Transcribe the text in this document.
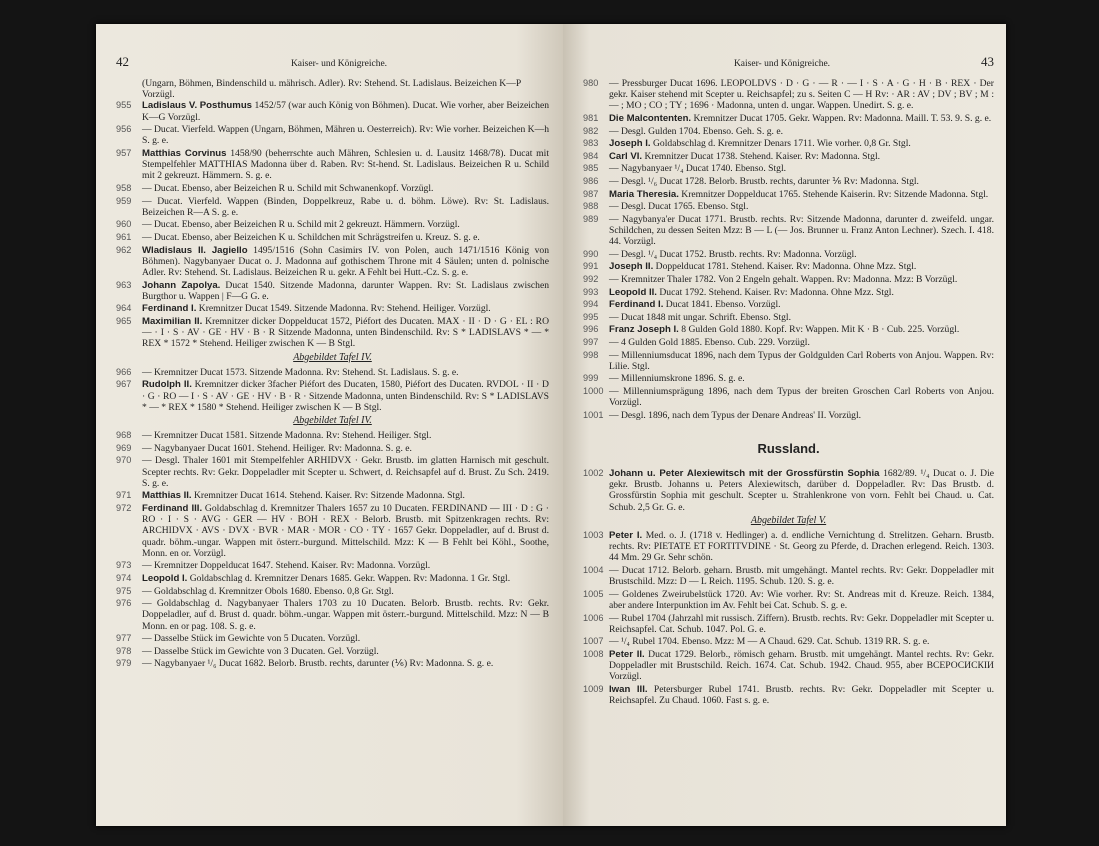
42	Kaiser- und Königreiche.
(Ungarn, Böhmen, Bindenschild u. mährisch. Adler). Rv: Stehend. St. Ladislaus. Beizeichen K—P Vorzügl.
955	Ladislaus V. Posthumus 1452/57 (war auch König von Böhmen). Ducat. Wie vorher, aber Beizeichen K—G Vorzügl.
956	— Ducat. Vierfeld. Wappen (Ungarn, Böhmen, Mähren u. Oesterreich). Rv: Wie vorher. Beizeichen K—h S. g. e.
957	Matthias Corvinus 1458/90 (beherrschte auch Mähren, Schlesien u. d. Lausitz 1468/78). Ducat mit Stempelfehler MATTHIAS Madonna über d. Raben. Rv: St-hend. St. Ladislaus. Beizeichen R u. Schild mit 2 gekreuzt. Hämmern. S. g. e.
958	— Ducat. Ebenso, aber Beizeichen R u. Schild mit Schwanenkopf. Vorzügl.
959	— Ducat. Vierfeld. Wappen (Binden, Doppelkreuz, Rabe u. d. böhm. Löwe). Rv: St. Ladislaus. Beizeichen R—A S. g. e.
960	— Ducat. Ebenso, aber Beizeichen R u. Schild mit 2 gekreuzt. Hämmern. Vorzügl.
961	— Ducat. Ebenso, aber Beizeichen K u. Schildchen mit Schrägstreifen u. Kreuz. S. g. e.
962	Wladislaus II. Jagiello 1495/1516 (Sohn Casimirs IV. von Polen, auch 1471/1516 König von Böhmen). Nagybanyaer Ducat o. J. Madonna auf gothischem Throne mit 4 Säulen; unten d. polnische Adler. Rv: Stehend. St. Ladislaus. Beizeichen R u. gekr. A Fehlt bei Hutt.-Cz. S. g. e.
963	Johann Zapolya. Ducat 1540. Sitzende Madonna, darunter Wappen. Rv: St. Ladislaus zwischen Burgthor u. Wappen | F—G G. e.
964	Ferdinand I. Kremnitzer Ducat 1549. Sitzende Madonna. Rv: Stehend. Heiliger. Vorzügl.
965	Maximilian II. Kremnitzer dicker Doppelducat 1572, Piéfort des Ducaten. MAX · II · D · G · EL : RO — · I · S · AV · GE · HV · B · R Sitzende Madonna, unten Bindenschild. Rv: S * LADISLAVS * — * REX * 1572 * Stehend. Heiliger zwischen K — B Stgl.
Abgebildet Tafel IV.
966	— Kremnitzer Ducat 1573. Sitzende Madonna. Rv: Stehend. St. Ladislaus. S. g. e.
967	Rudolph II. Kremnitzer dicker 3facher Piéfort des Ducaten, 1580, Piéfort des Ducaten. RVDOL · II · D · G · RO — I · S · AV · GE · HV · B · R · Sitzende Madonna, unten Bindenschild. Rv: S * LADISLAVS * — * REX * 1580 * Stehend. Heiliger zwischen K — B Stgl.
Abgebildet Tafel IV.
968	— Kremnitzer Ducat 1581. Sitzende Madonna. Rv: Stehend. Heiliger. Stgl.
969	— Nagybanyaer Ducat 1601. Stehend. Heiliger. Rv: Madonna. S. g. e.
970	— Desgl. Thaler 1601 mit Stempelfehler ARHIDVX · Gekr. Brustb. im glatten Harnisch mit geschult. Scepter rechts. Rv: Gekr. Doppeladler mit Scepter u. Schwert, d. Reichsapfel auf d. Brust. Zu Sch. 2419. S. g. e.
971	Matthias II. Kremnitzer Ducat 1614. Stehend. Kaiser. Rv: Sitzende Madonna. Stgl.
972	Ferdinand III. Goldabschlag d. Kremnitzer Thalers 1657 zu 10 Ducaten. FERDINAND — III · D : G · RO · I · S · AVG · GER — HV · BOH · REX · Belorb. Brustb. mit Spitzenkragen rechts. Rv: ARCHIDVX · AVS · DVX · BVR · MAR · MOR · CO · TY · 1657 Gekr. Doppeladler, auf d. Brust d. quadr. böhm.-ungar. Wappen mit österr.-burgund. Mittelschild. Mzz: K — B Fehlt bei Köhl., Soothe, Monn. en or. Vorzügl.
973	— Kremnitzer Doppelducat 1647. Stehend. Kaiser. Rv: Madonna. Vorzügl.
974	Leopold I. Goldabschlag d. Kremnitzer Denars 1685. Gekr. Wappen. Rv: Madonna. 1 Gr. Stgl.
975	— Goldabschlag d. Kremnitzer Obols 1680. Ebenso. 0,8 Gr. Stgl.
976	— Goldabschlag d. Nagybanyaer Thalers 1703 zu 10 Ducaten. Belorb. Brustb. rechts. Rv: Gekr. Doppeladler, auf d. Brust d. quadr. böhm.-ungar. Wappen mit österr.-burgund. Mittelschild. Mzz: N — B Monn. en or pag. 108. S. g. e.
977	— Dasselbe Stück im Gewichte von 5 Ducaten. Vorzügl.
978	— Dasselbe Stück im Gewichte von 3 Ducaten. Gel. Vorzügl.
979	— Nagybanyaer ¹/₆ Ducat 1682. Belorb. Brustb. rechts, darunter (⅙) Rv: Madonna. S. g. e.
Kaiser- und Königreiche.	43
980	— Pressburger Ducat 1696. LEOPOLDVS · D · G · — R · — I · S · A · G · H · B · REX · Der gekr. Kaiser stehend mit Scepter u. Reichsapfel; zu s. Seiten C — H Rv: · AR : AV ; DV ; BV ; M : — ; MO ; CO ; TY ; 1696 · Madonna, unten d. ungar. Wappen. Unedirt. S. g. e.
981	Die Malcontenten. Kremnitzer Ducat 1705. Gekr. Wappen. Rv: Madonna. Maill. T. 53. 9. S. g. e.
982	— Desgl. Gulden 1704. Ebenso. Geh. S. g. e.
983	Joseph I. Goldabschlag d. Kremnitzer Denars 1711. Wie vorher. 0,8 Gr. Stgl.
984	Carl VI. Kremnitzer Ducat 1738. Stehend. Kaiser. Rv: Madonna. Stgl.
985	— Nagybanyaer ¹/₄ Ducat 1740. Ebenso. Stgl.
986	— Desgl. ¹/₆ Ducat 1728. Belorb. Brustb. rechts, darunter ⅙ Rv: Madonna. Stgl.
987	Maria Theresia. Kremnitzer Doppelducat 1765. Stehende Kaiserin. Rv: Sitzende Madonna. Stgl.
988	— Desgl. Ducat 1765. Ebenso. Stgl.
989	— Nagybanya'er Ducat 1771. Brustb. rechts. Rv: Sitzende Madonna, darunter d. zweifeld. ungar. Schildchen, zu dessen Seiten Mzz: B — L (— Jos. Brunner u. Franz Anton Lechner). Szech. I. 418. 44. Vorzügl.
990	— Desgl. ¹/₄ Ducat 1752. Brustb. rechts. Rv: Madonna. Vorzügl.
991	Joseph II. Doppelducat 1781. Stehend. Kaiser. Rv: Madonna. Ohne Mzz. Stgl.
992	— Kremnitzer Thaler 1782. Von 2 Engeln gehalt. Wappen. Rv: Madonna. Mzz: B Vorzügl.
993	Leopold II. Ducat 1792. Stehend. Kaiser. Rv: Madonna. Ohne Mzz. Stgl.
994	Ferdinand I. Ducat 1841. Ebenso. Vorzügl.
995	— Ducat 1848 mit ungar. Schrift. Ebenso. Stgl.
996	Franz Joseph I. 8 Gulden Gold 1880. Kopf. Rv: Wappen. Mit K · B · Cub. 225. Vorzügl.
997	— 4 Gulden Gold 1885. Ebenso. Cub. 229. Vorzügl.
998	— Millenniumsducat 1896, nach dem Typus der Goldgulden Carl Roberts von Anjou. Wappen. Rv: Lilie. Stgl.
999	— Millenniumskrone 1896. S. g. e.
1000 — Millenniumsprägung 1896, nach dem Typus der breiten Groschen Carl Roberts von Anjou. Vorzügl.
1001 — Desgl. 1896, nach dem Typus der Denare Andreas' II. Vorzügl.
Russland.
1002 Johann u. Peter Alexiewitsch mit der Grossfürstin Sophia 1682/89. ¹/₄ Ducat o. J. Die gekr. Brustb. Johanns u. Peters Alexiewitsch, darüber d. Doppeladler. Rv: Das Brustb. d. Grossfürstin Sophia mit geschult. Scepter u. Strahlenkrone von vorn. Fehlt bei Chaud. u. Cat. Schub. 2,5 Gr. G. e.
Abgebildet Tafel V.
1003 Peter I. Med. o. J. (1718 v. Hedlinger) a. d. endliche Vernichtung d. Strelitzen. Geharn. Brustb. rechts. Rv: PIETATE ET FORTITVDINE · St. Georg zu Pferde, d. Drachen erlegend. Reich. 1303. 44 Mm. 29 Gr. Sehr schön.
1004 — Ducat 1712. Belorb. geharn. Brustb. mit umgehängt. Mantel rechts. Rv: Gekr. Doppeladler mit Brustschild. Mzz: D — L Reich. 1195. Schub. 120. S. g. e.
1005 — Goldenes Zweirubelstück 1720. Av: Wie vorher. Rv: St. Andreas mit d. Kreuze. Reich. 1384, aber andere Interpunktion im Av. Fehlt bei Cat. Schub. S. g. e.
1006 — Rubel 1704 (Jahrzahl mit russisch. Ziffern). Brustb. rechts. Rv: Gekr. Doppeladler mit Scepter u. Reichsapfel. Cat. Schub. 1047. Pol. G. e.
1007 — ¹/₄ Rubel 1704. Ebenso. Mzz: M — A Chaud. 629. Cat. Schub. 1319 RR. S. g. e.
1008 Peter II. Ducat 1729. Belorb., römisch geharn. Brustb. mit umgehängt. Mantel rechts. Rv: Gekr. Doppeladler mit Brustschild. Reich. 1674. Cat. Schub. 1942. Chaud. 955, aber ВСЕРОСИСКІИ Vorzügl.
1009 Iwan III. Petersburger Rubel 1741. Brustb. rechts. Rv: Gekr. Doppeladler mit Scepter u. Reichsapfel. Zu Chaud. 1060. Fast s. g. e.
